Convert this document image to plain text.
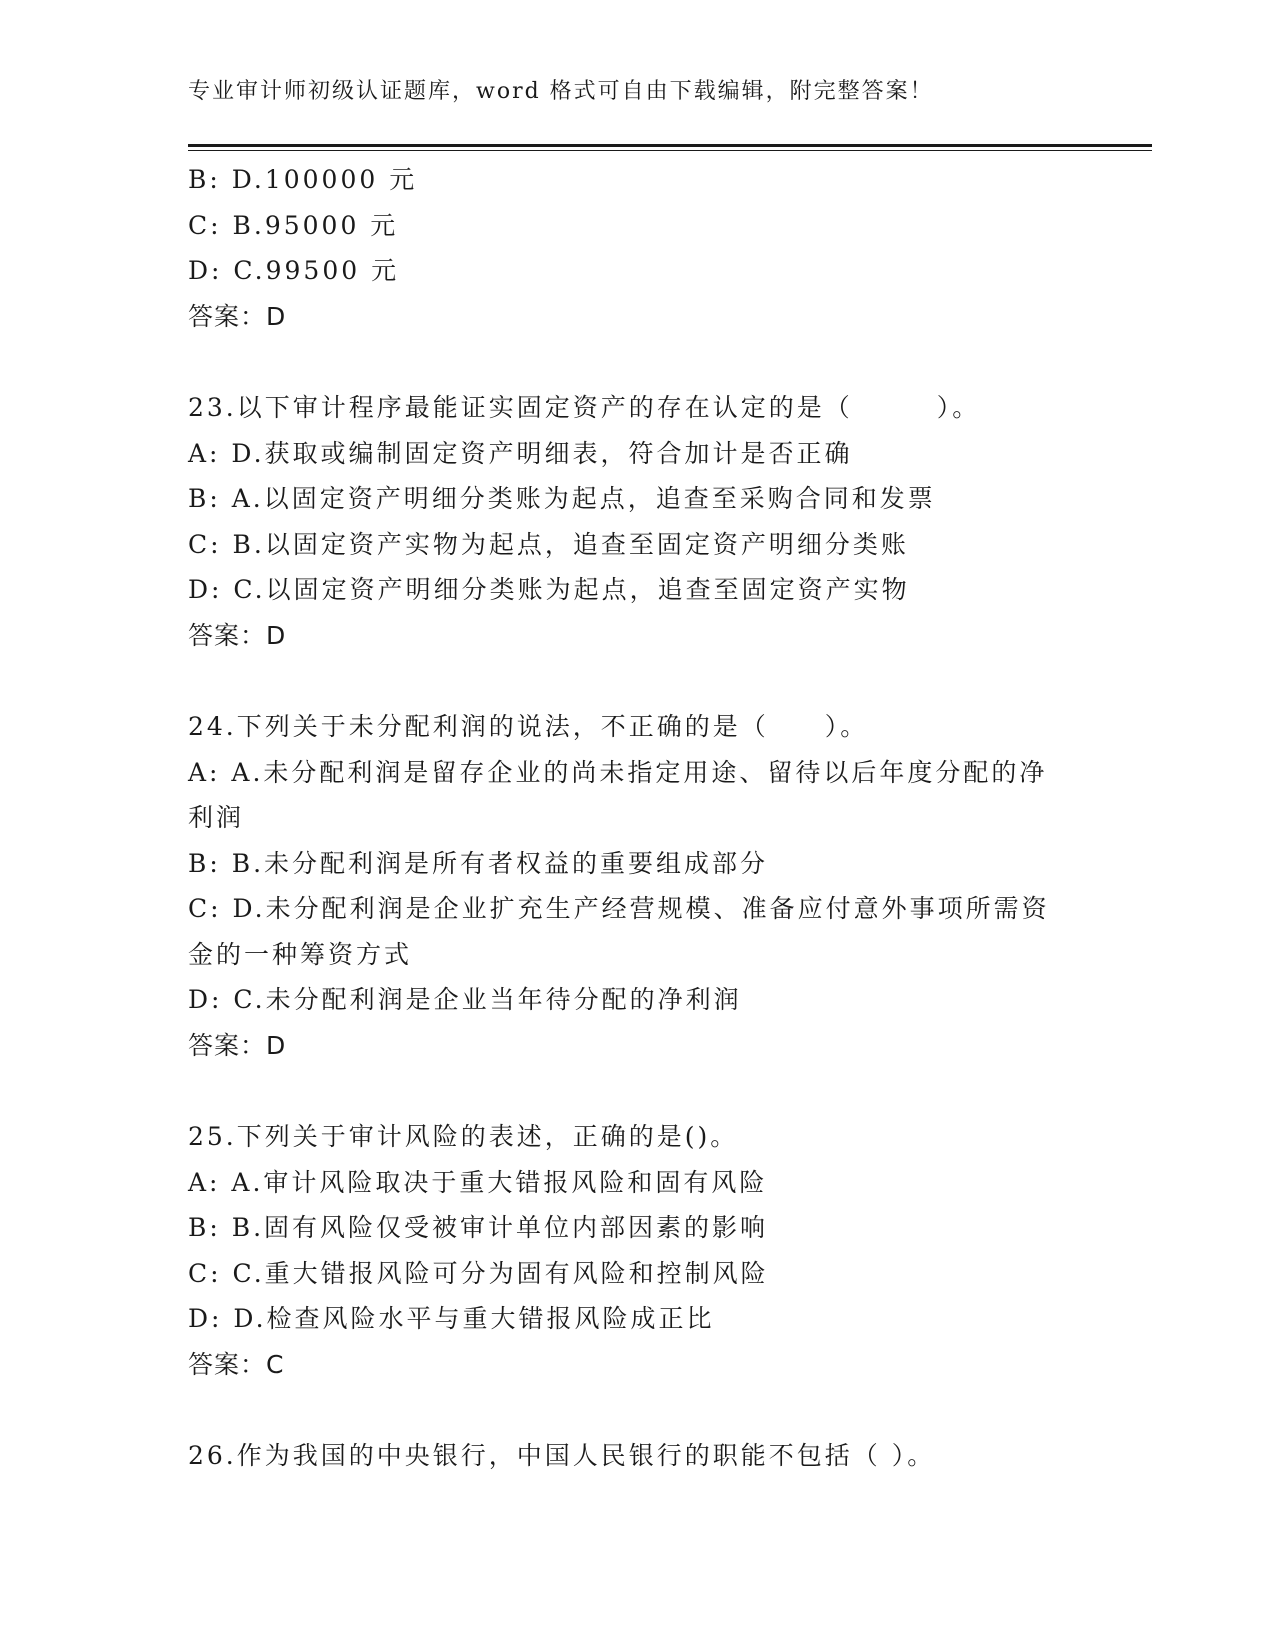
专业审计师初级认证题库，word 格式可自由下载编辑，附完整答案！
B: D.100000 元
C: B.95000 元
D: C.99500 元
答案：D
23.以下审计程序最能证实固定资产的存在认定的是（　　　）。
A: D.获取或编制固定资产明细表，符合加计是否正确
B: A.以固定资产明细分类账为起点，追查至采购合同和发票
C: B.以固定资产实物为起点，追查至固定资产明细分类账
D: C.以固定资产明细分类账为起点，追查至固定资产实物
答案：D
24.下列关于未分配利润的说法，不正确的是（　　）。
A: A.未分配利润是留存企业的尚未指定用途、留待以后年度分配的净
利润
B: B.未分配利润是所有者权益的重要组成部分
C: D.未分配利润是企业扩充生产经营规模、准备应付意外事项所需资
金的一种筹资方式
D: C.未分配利润是企业当年待分配的净利润
答案：D
25.下列关于审计风险的表述，正确的是()。
A: A.审计风险取决于重大错报风险和固有风险
B: B.固有风险仅受被审计单位内部因素的影响
C: C.重大错报风险可分为固有风险和控制风险
D: D.检查风险水平与重大错报风险成正比
答案：C
26.作为我国的中央银行，中国人民银行的职能不包括（ ）。
